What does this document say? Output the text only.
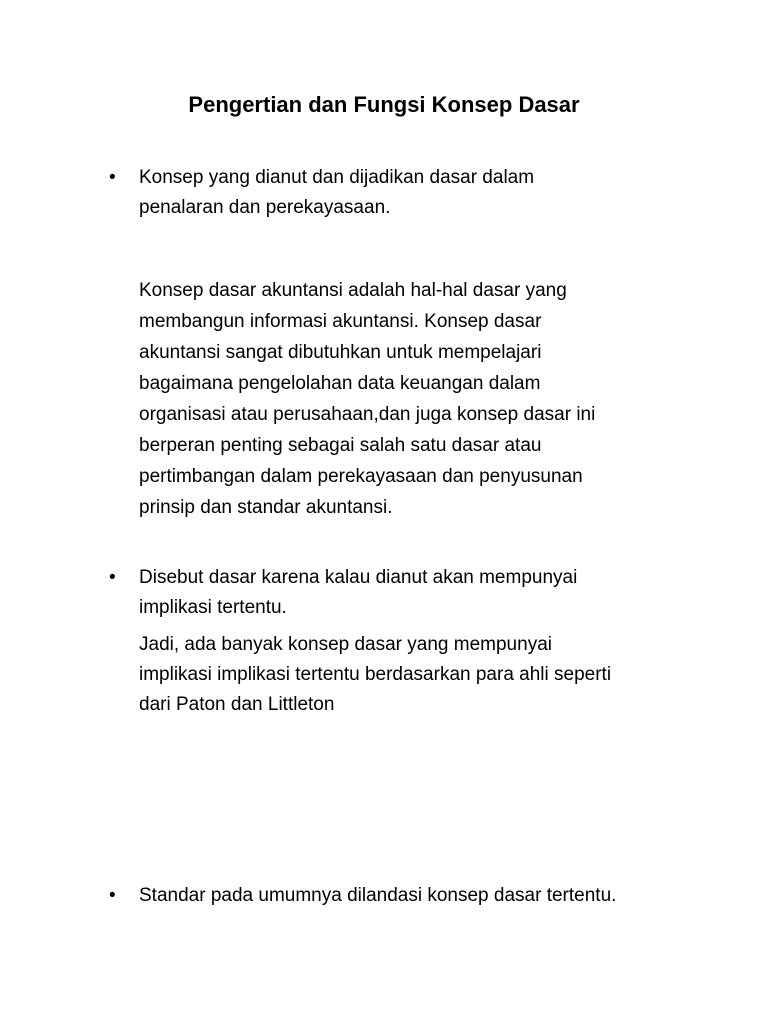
Pengertian dan Fungsi Konsep Dasar
• Konsep yang dianut dan dijadikan dasar dalam
penalaran dan perekayasaan.
Konsep dasar akuntansi adalah hal-hal dasar yang
membangun informasi akuntansi. Konsep dasar
akuntansi sangat dibutuhkan untuk mempelajari
bagaimana pengelolahan data keuangan dalam
organisasi atau perusahaan,dan juga konsep dasar ini
berperan penting sebagai salah satu dasar atau
pertimbangan dalam perekayasaan dan penyusunan
prinsip dan standar akuntansi.
• Disebut dasar karena kalau dianut akan mempunyai
implikasi tertentu.
Jadi, ada banyak konsep dasar yang mempunyai
implikasi implikasi tertentu berdasarkan para ahli seperti
dari Paton dan Littleton
• Standar pada umumnya dilandasi konsep dasar tertentu.
